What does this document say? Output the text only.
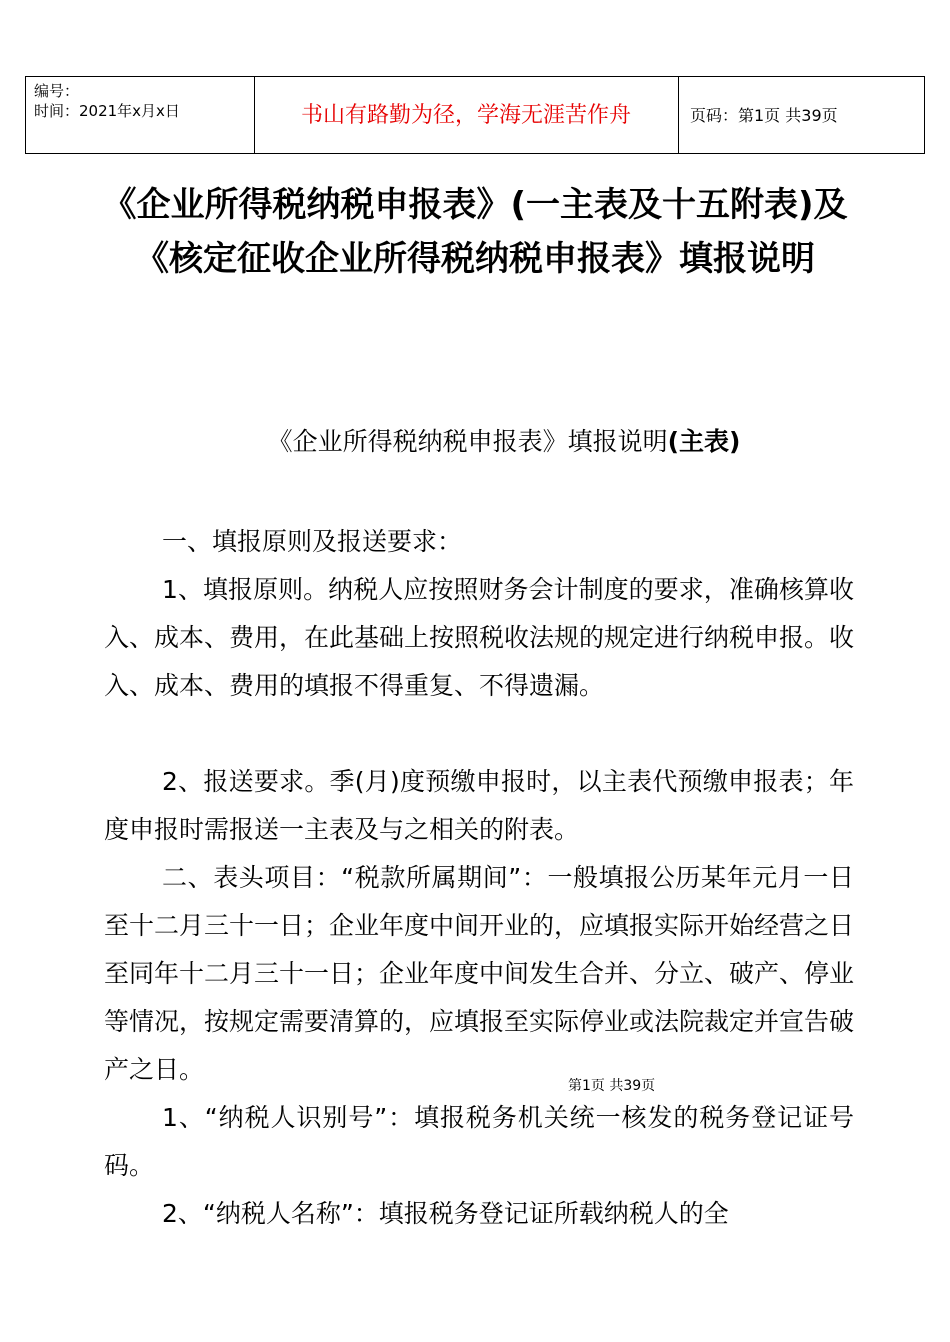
编号：
时间：2021年x月x日	书山有路勤为径，学海无涯苦作舟	页码：第1页 共39页
《企业所得税纳税申报表》(一主表及十五附表)及《核定征收企业所得税纳税申报表》填报说明
《企业所得税纳税申报表》填报说明(主表)
一、填报原则及报送要求：
1、填报原则。纳税人应按照财务会计制度的要求，准确核算收入、成本、费用，在此基础上按照税收法规的规定进行纳税申报。收入、成本、费用的填报不得重复、不得遗漏。
2、报送要求。季(月)度预缴申报时，以主表代预缴申报表；年度申报时需报送一主表及与之相关的附表。
二、表头项目：“税款所属期间”：一般填报公历某年元月一日至十二月三十一日；企业年度中间开业的，应填报实际开始经营之日至同年十二月三十一日；企业年度中间发生合并、分立、破产、停业等情况，按规定需要清算的，应填报至实际停业或法院裁定并宣告破产之日。
1、“纳税人识别号”：填报税务机关统一核发的税务登记证号码。
2、“纳税人名称”：填报税务登记证所载纳税人的全
第1页 共39页
